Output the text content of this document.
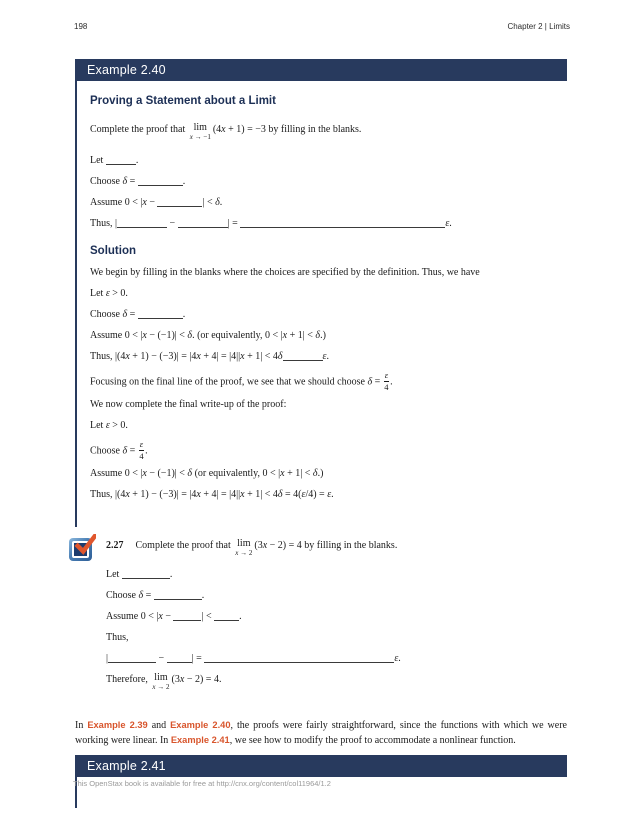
198	Chapter 2 | Limits
Example 2.40
Proving a Statement about a Limit
Complete the proof that lim
x → −1
(4x + 1) = −3 by filling in the blanks.
Let	.
Choose δ =	.
Assume 0 < |x −	| < δ.
Thus, |	−	| =	ε.
Solution
We begin by filling in the blanks where the choices are specified by the definition. Thus, we have
Let ε > 0.
Choose δ =	.
Assume 0 < |x − (−1)| < δ. (or equivalently, 0 < |x + 1| < δ.)
Thus, |(4x + 1) − (−3)| = |4x + 4| = |4||x + 1| < 4δ	ε.
Focusing on the final line of the proof, we see that we should choose $\delta = \frac{\varepsilon}{4}$ .
We now complete the final write-up of the proof:
Let ε > 0.
Choose $\delta = \frac{\varepsilon}{4}$ .
Assume 0 < |x − (−1)| < δ (or equivalently, 0 < |x + 1| < δ.)
Thus, |(4x + 1) − (−3)| = |4x + 4| = |4||x + 1| < 4δ = 4(ε/4) = ε.
2.27 Complete the proof that lim
x → 2
(3x − 2) = 4 by filling in the blanks.
Let	.
Choose δ =	.
Assume 0 < |x −	| <	.
Thus,
|	−	| =	ε.
Therefore, lim
x → 2
(3x − 2) = 4.
In Example 2.39 and Example 2.40, the proofs were fairly straightforward, since the functions with which we were working were linear. In Example 2.41, we see how to modify the proof to accommodate a nonlinear function.
Example 2.41
This OpenStax book is available for free at http://cnx.org/content/col11964/1.2
